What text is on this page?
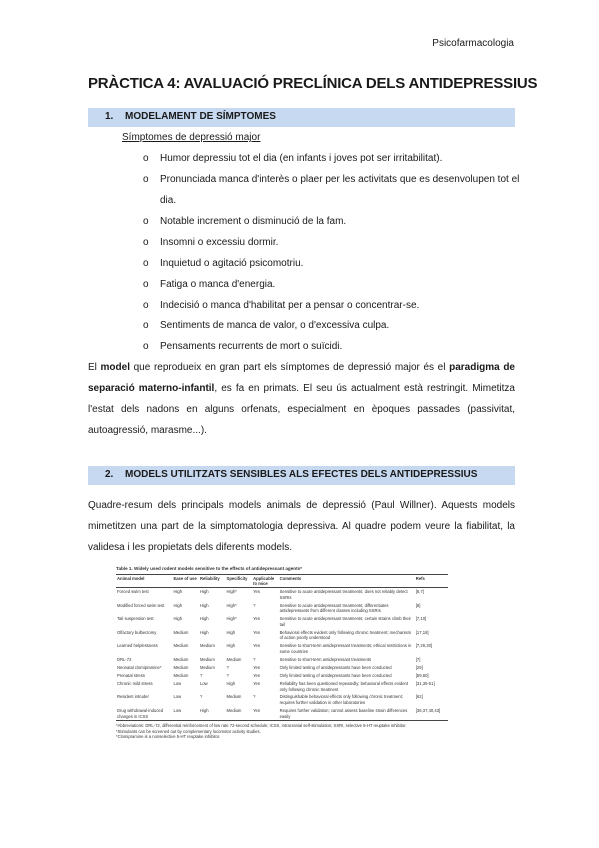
Psicofarmacologia
PRÀCTICA 4: AVALUACIÓ PRECLÍNICA DELS ANTIDEPRESSIUS
1. MODELAMENT DE SÍMPTOMES
Símptomes de depressió major
o Humor depressiu tot el dia (en infants i joves pot ser irritabilitat).
o Pronunciada manca d'interès o plaer per les activitats que es desenvolupen tot el dia.
o Notable increment o disminució de la fam.
o Insomni o excessiu dormir.
o Inquietud o agitació psicomotriu.
o Fatiga o manca d'energia.
o Indecisió o manca d'habilitat per a pensar o concentrar-se.
o Sentiments de manca de valor, o d'excessiva culpa.
o Pensaments recurrents de mort o suïcidi.
El model que reprodueix en gran part els símptomes de depressió major és el paradigma de separació materno-infantil, es fa en primats. El seu ús actualment està restringit. Mimetitza l'estat dels nadons en alguns orfenats, especialment en èpoques passades (passivitat, autoagressió, marasme...).
2. MODELS UTILITZATS SENSIBLES ALS EFECTES DELS ANTIDEPRESSIUS
Quadre-resum dels principals models animals de depressió (Paul Willner). Aquests models mimetitzen una part de la simptomatologia depressiva. Al quadre podem veure la fiabilitat, la validesa i les propietats dels diferents models.
Table 1. Widely used rodent models sensitive to the effects of antidepressant agents*
Animal model	Ease of use	Reliability	Specificity	Applicable to mice	Comments	Refs
Forced swim test	High	High	High*	Yes	Sensitive to acute antidepressant treatments; does not reliably detect SSRIs	[6,7]
Modified forced swim test	High	High	High*	?	Sensitive to acute antidepressant treatments; differentiates antidepressants from different classes including SSRIs	[8]
Tail suspension test	High	High	High*	Yes	Sensitive to acute antidepressant treatments; certain strains climb their tail	[7,10]
Olfactory bulbectomy	Medium	High	High	Yes	Behavioral effects evident only following chronic treatment; mechanism of action poorly understood	[17,18]
Learned helplessness	Medium	Medium	High	Yes	Sensitive to short-term antidepressant treatments; ethical restrictions in some countries	[7,29,30]
DRL-72	Medium	Medium	Medium	?	Sensitive to short-term antidepressant treatments	[7]
Neonatal clomipramine*	Medium	Medium	?	Yes	Only limited testing of antidepressants have been conducted	[29]
Prenatal stress	Medium	?	?	Yes	Only limited testing of antidepressants have been conducted	[59,60]
Chronic mild stress	Low	Low	High	Yes	Reliability has been questioned repeatedly; behavioral effects evident only following chronic treatment	[31,35-51]
Resident intruder	Low	?	Medium	?	Distinguishable behavioral effects only following chronic treatment; requires further validation in other laboratories	[62]
Drug withdrawal-induced changes in ICSS	Low	High	Medium	Yes	Requires further validation; cannot assess baseline strain differences easily	[36,37,40,43]
*Abbreviations: DRL-72, differential reinforcement of low rate 72-second schedule; ICSS, intracranial self-stimulation; SSRI, selective 5-HT reuptake inhibitor.
*Stimulants can be screened out by complementary locomotor activity studies.
*Clomipramine is a nonselective 5-HT reuptake inhibitor.
